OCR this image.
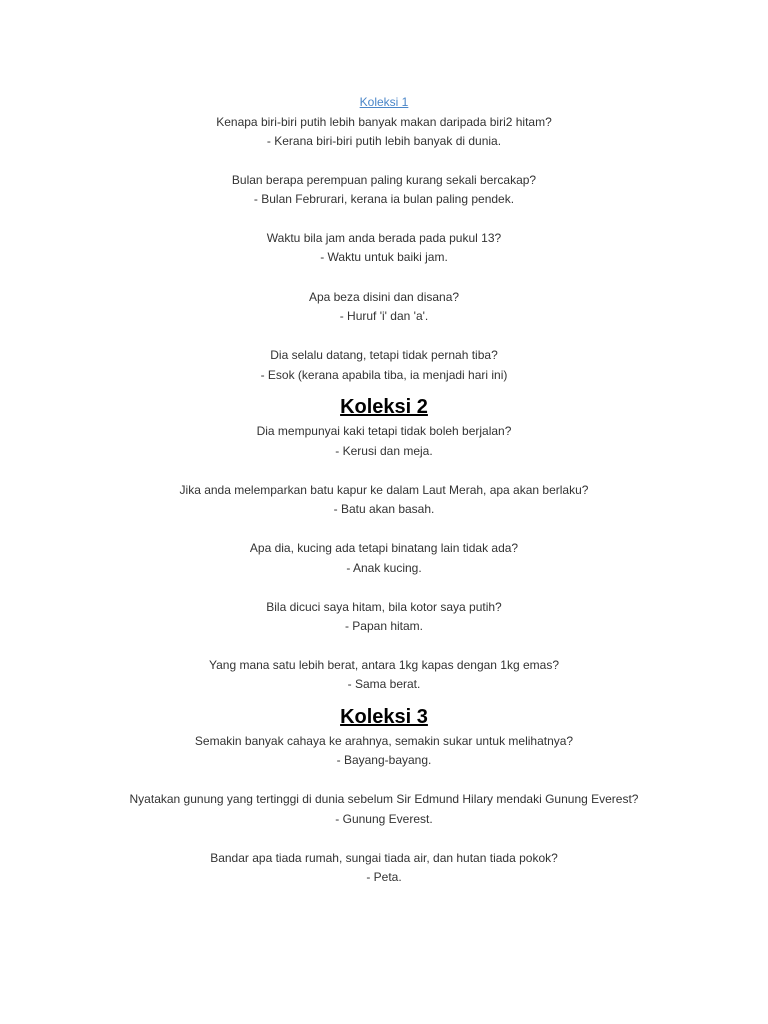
Koleksi 1
Kenapa biri-biri putih lebih banyak makan daripada biri2 hitam?
- Kerana biri-biri putih lebih banyak di dunia.
Bulan berapa perempuan paling kurang sekali bercakap?
- Bulan Februrari, kerana ia bulan paling pendek.
Waktu bila jam anda berada pada pukul 13?
- Waktu untuk baiki jam.
Apa beza disini dan disana?
- Huruf 'i' dan 'a'.
Dia selalu datang, tetapi tidak pernah tiba?
- Esok (kerana apabila tiba, ia menjadi hari ini)
Koleksi 2
Dia mempunyai kaki tetapi tidak boleh berjalan?
- Kerusi dan meja.
Jika anda melemparkan batu kapur ke dalam Laut Merah, apa akan berlaku?
- Batu akan basah.
Apa dia, kucing ada tetapi binatang lain tidak ada?
- Anak kucing.
Bila dicuci saya hitam, bila kotor saya putih?
- Papan hitam.
Yang mana satu lebih berat, antara 1kg kapas dengan 1kg emas?
- Sama berat.
Koleksi 3
Semakin banyak cahaya ke arahnya, semakin sukar untuk melihatnya?
- Bayang-bayang.
Nyatakan gunung yang tertinggi di dunia sebelum Sir Edmund Hilary mendaki Gunung Everest?
- Gunung Everest.
Bandar apa tiada rumah, sungai tiada air, dan hutan tiada pokok?
- Peta.
